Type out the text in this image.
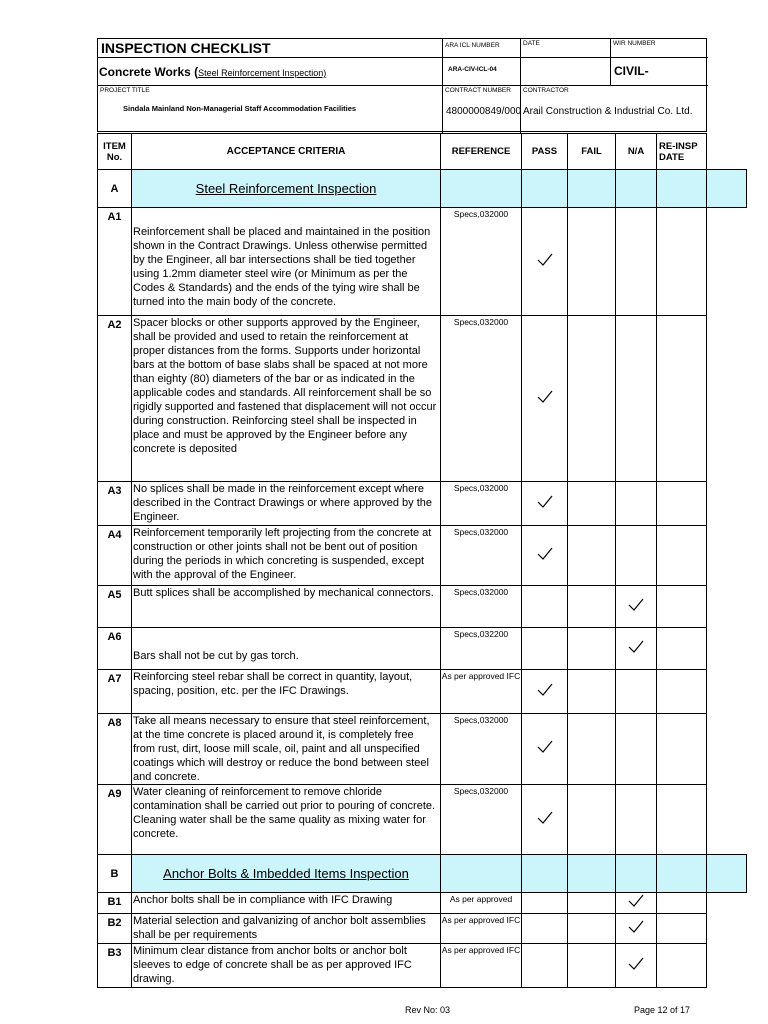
INSPECTION CHECKLIST
Concrete Works (Steel Reinforcement Inspection)
ARA ICL NUMBER
ARA-CIV-ICL-04
DATE	WIR NUMBER
CIVIL-
PROJECT TITLE
Sindala Mainland Non-Managerial Staff Accommodation Facilities
CONTRACT NUMBER
4800000849/000
CONTRACTOR
Arail Construction & Industrial Co. Ltd.
ITEM No.	ACCEPTANCE CRITERIA	REFERENCE	PASS	FAIL	N/A	RE-INSP DATE	
A	Steel Reinforcement Inspection						
A1	Reinforcement shall be placed and maintained in the position shown in the Contract Drawings. Unless otherwise permitted by the Engineer, all bar intersections shall be tied together using 1.2mm diameter steel wire (or Minimum as per the Codes & Standards) and the ends of the tying wire shall be turned into the main body of the concrete.	Specs,032000					
A2	Spacer blocks or other supports approved by the Engineer, shall be provided and used to retain the reinforcement at proper distances from the forms. Supports under horizontal bars at the bottom of base slabs shall be spaced at not more than eighty (80) diameters of the bar or as indicated in the applicable codes and standards. All reinforcement shall be so rigidly supported and fastened that displacement will not occur during construction. Reinforcing steel shall be inspected in place and must be approved by the Engineer before any concrete is deposited	Specs,032000					
A3	No splices shall be made in the reinforcement except where described in the Contract Drawings or where approved by the Engineer.	Specs,032000					
A4	Reinforcement temporarily left projecting from the concrete at construction or other joints shall not be bent out of position during the periods in which concreting is suspended, except with the approval of the Engineer.	Specs,032000					
A5	Butt splices shall be accomplished by mechanical connectors.	Specs,032000					
A6	Bars shall not be cut by gas torch.	Specs,032200					
A7	Reinforcing steel rebar shall be correct in quantity, layout, spacing, position, etc. per the IFC Drawings.	As per approved IFC					
A8	Take all means necessary to ensure that steel reinforcement, at the time concrete is placed around it, is completely free from rust, dirt, loose mill scale, oil, paint and all unspecified coatings which will destroy or reduce the bond between steel and concrete.	Specs,032000					
A9	Water cleaning of reinforcement to remove chloride contamination shall be carried out prior to pouring of concrete. Cleaning water shall be the same quality as mixing water for concrete.	Specs,032000					
B	Anchor Bolts & Imbedded Items Inspection						
B1	Anchor bolts shall be in compliance with IFC Drawing	As per approved					
B2	Material selection and galvanizing of anchor bolt assemblies shall be per requirements	As per approved IFC					
B3	Minimum clear distance from anchor bolts or anchor bolt sleeves to edge of concrete shall be as per approved IFC drawing.	As per approved IFC					
Rev No: 03	Page 12 of 17
